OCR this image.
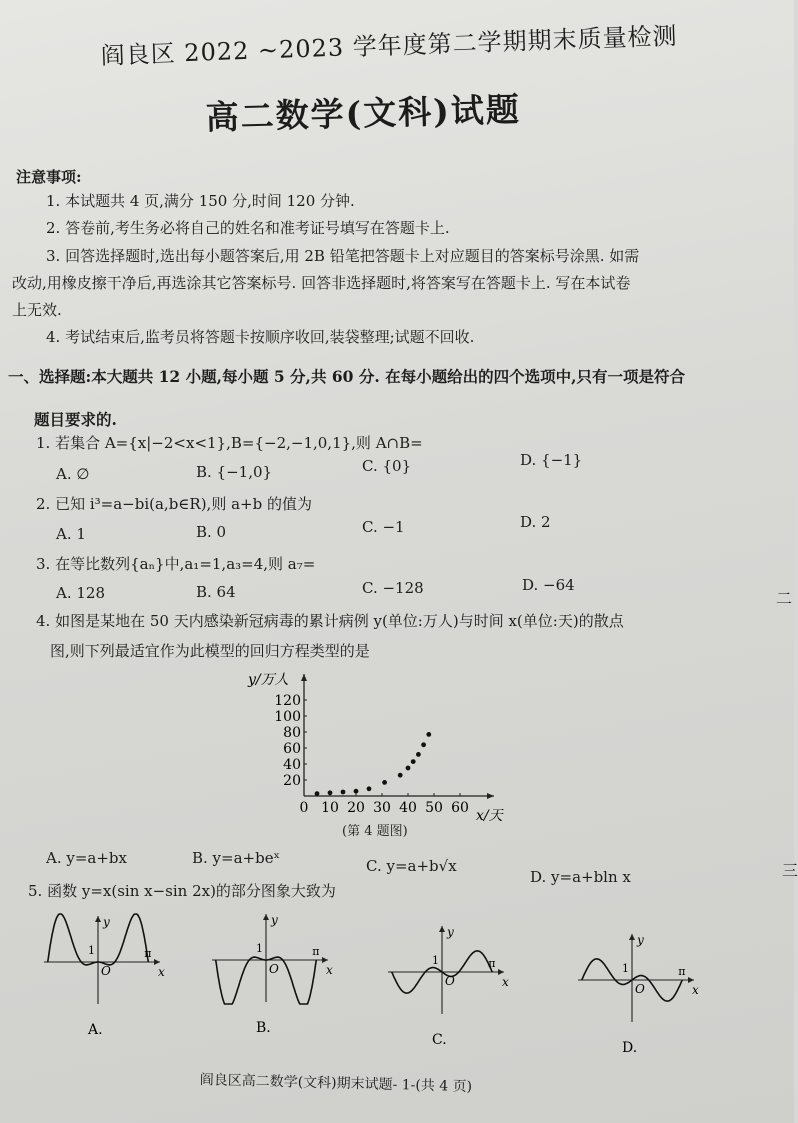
阎良区 2022 ~2023 学年度第二学期期末质量检测
高二数学(文科)试题
注意事项:
1. 本试题共 4 页,满分 150 分,时间 120 分钟.
2. 答卷前,考生务必将自己的姓名和准考证号填写在答题卡上.
3. 回答选择题时,选出每小题答案后,用 2B 铅笔把答题卡上对应题目的答案标号涂黑. 如需
改动,用橡皮擦干净后,再选涂其它答案标号. 回答非选择题时,将答案写在答题卡上. 写在本试卷
上无效.
4. 考试结束后,监考员将答题卡按顺序收回,装袋整理;试题不回收.
一、选择题:本大题共 12 小题,每小题 5 分,共 60 分. 在每小题给出的四个选项中,只有一项是符合
题目要求的.
1. 若集合 A={x|−2<x<1},B={−2,−1,0,1},则 A∩B=
A. ∅	B. {−1,0}	C. {0}	D. {−1}
2. 已知 i³=a−bi(a,b∈R),则 a+b 的值为
A. 1	B. 0	C. −1	D. 2
3. 在等比数列{aₙ}中,a₁=1,a₃=4,则 a₇=
A. 128	B. 64	C. −128	D. −64
4. 如图是某地在 50 天内感染新冠病毒的累计病例 y(单位:万人)与时间 x(单位:天)的散点
图,则下列最适宜作为此模型的回归方程类型的是
0 10 20 30 40 50 60
20
40
60
80
100
120
y/万人
x/天
(第 4 题图)
A. y=a+bx	B. y=a+beˣ	C. y=a+b√x
D. y=a+bln x
5. 函数 y=x(sin x−sin 2x)的部分图象大致为
y
x
O
1	π
A.
y
x
O
1	π
B.
y
x
O
1	π
C.
y
x
O
1	π
D.
二
三
阎良区高二数学(文科)期末试题- 1-(共 4 页)
